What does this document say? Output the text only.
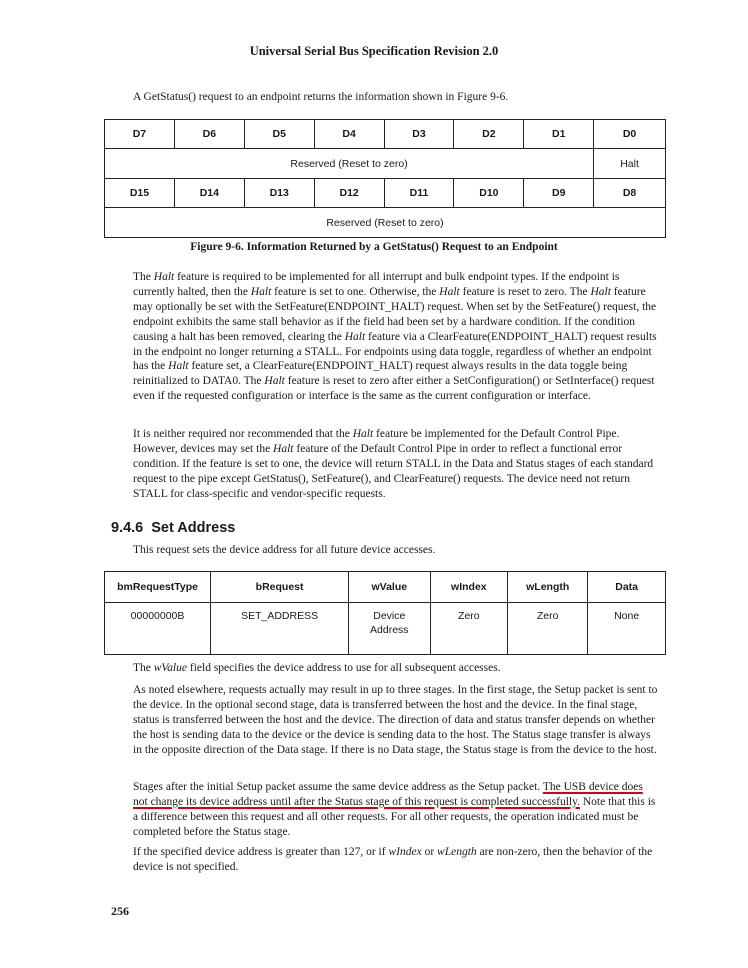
Universal Serial Bus Specification Revision 2.0

A GetStatus() request to an endpoint returns the information shown in Figure 9-6.

D7	D6	D5	D4	D3	D2	D1	D0
Reserved (Reset to zero)							Halt
D15	D14	D13	D12	D11	D10	D9	D8
Reserved (Reset to zero)							
Figure 9-6. Information Returned by a GetStatus() Request to an Endpoint

The Halt feature is required to be implemented for all interrupt and bulk endpoint types. If the endpoint is currently halted, then the Halt feature is set to one. Otherwise, the Halt feature is reset to zero. The Halt feature may optionally be set with the SetFeature(ENDPOINT_HALT) request. When set by the SetFeature() request, the endpoint exhibits the same stall behavior as if the field had been set by a hardware condition. If the condition causing a halt has been removed, clearing the Halt feature via a ClearFeature(ENDPOINT_HALT) request results in the endpoint no longer returning a STALL. For endpoints using data toggle, regardless of whether an endpoint has the Halt feature set, a ClearFeature(ENDPOINT_HALT) request always results in the data toggle being reinitialized to DATA0. The Halt feature is reset to zero after either a SetConfiguration() or SetInterface() request even if the requested configuration or interface is the same as the current configuration or interface.

It is neither required nor recommended that the Halt feature be implemented for the Default Control Pipe. However, devices may set the Halt feature of the Default Control Pipe in order to reflect a functional error condition. If the feature is set to one, the device will return STALL in the Data and Status stages of each standard request to the pipe except GetStatus(), SetFeature(), and ClearFeature() requests. The device need not return STALL for class-specific and vendor-specific requests.

9.4.6 Set Address

This request sets the device address for all future device accesses.

bmRequestType	bRequest	wValue	wIndex	wLength	Data
00000000B	SET_ADDRESS	Device Address	Zero	Zero	None

The wValue field specifies the device address to use for all subsequent accesses.

As noted elsewhere, requests actually may result in up to three stages. In the first stage, the Setup packet is sent to the device. In the optional second stage, data is transferred between the host and the device. In the final stage, status is transferred between the host and the device. The direction of data and status transfer depends on whether the host is sending data to the device or the device is sending data to the host. The Status stage transfer is always in the opposite direction of the Data stage. If there is no Data stage, the Status stage is from the device to the host.

Stages after the initial Setup packet assume the same device address as the Setup packet. The USB device does not change its device address until after the Status stage of this request is completed successfully. Note that this is a difference between this request and all other requests. For all other requests, the operation indicated must be completed before the Status stage.

If the specified device address is greater than 127, or if wIndex or wLength are non-zero, then the behavior of the device is not specified.

256
